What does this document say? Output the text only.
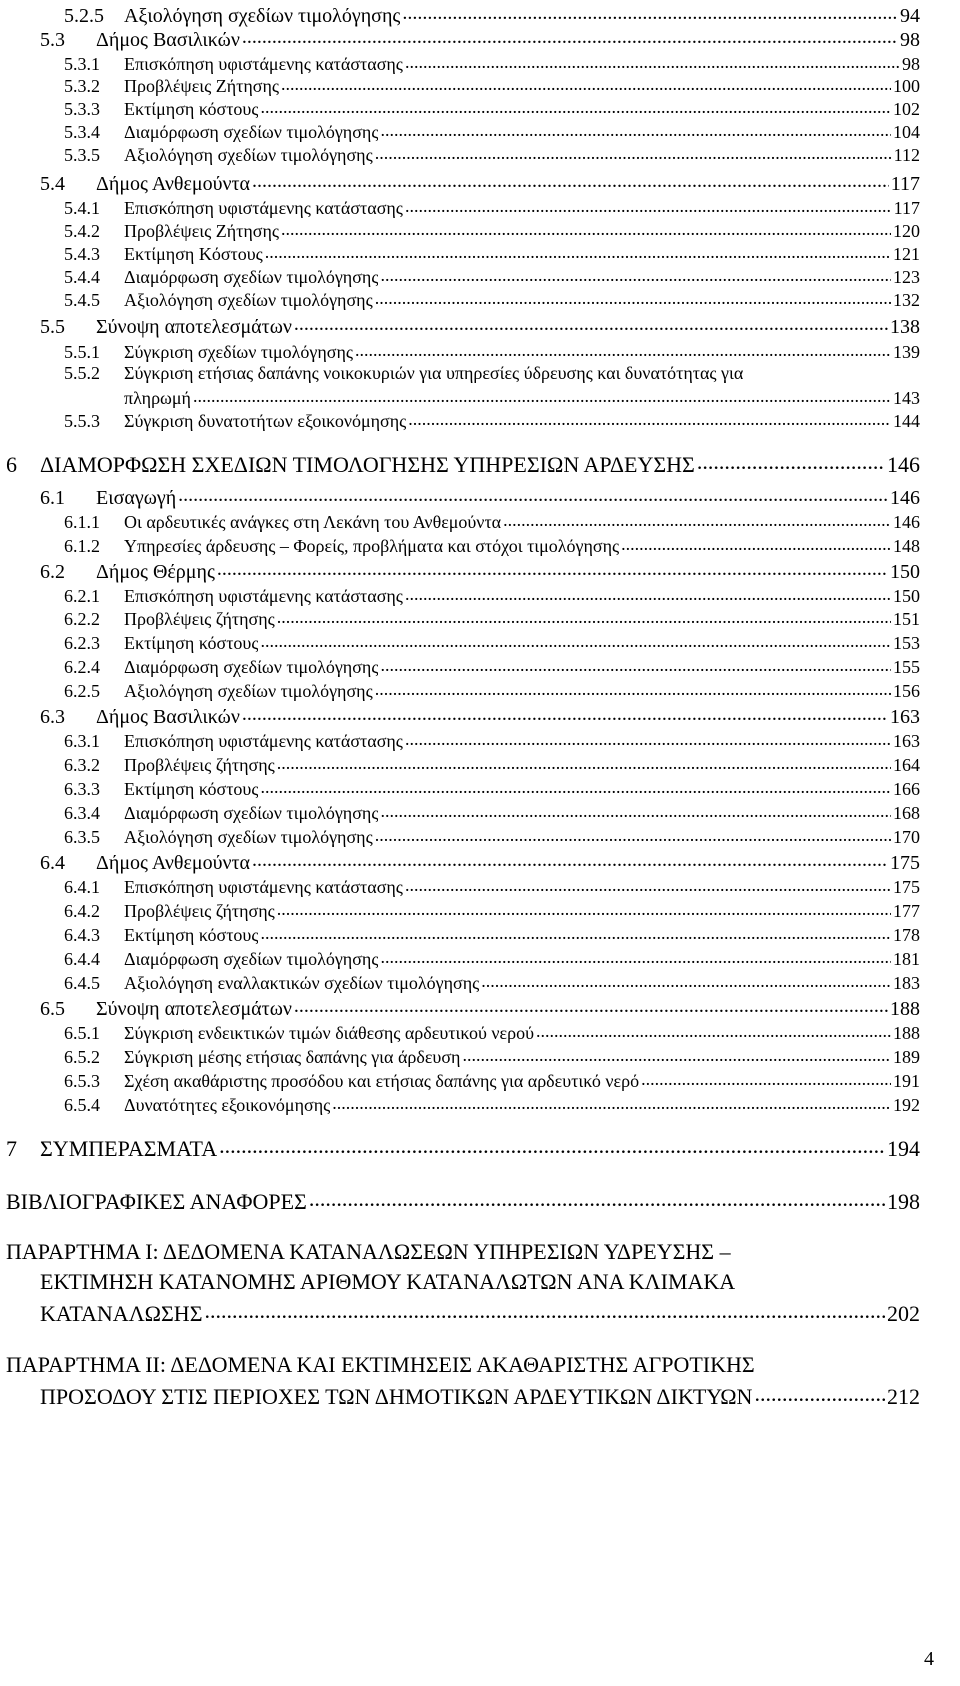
5.2.5	Αξιολόγηση σχεδίων τιμολόγησης .....	94
5.3	Δήμος Βασιλικών .....	98
5.3.1	Επισκόπηση υφιστάμενης κατάστασης .....	98
5.3.2	Προβλέψεις Ζήτησης .....	100
5.3.3	Εκτίμηση κόστους .....	102
5.3.4	Διαμόρφωση σχεδίων τιμολόγησης .....	104
5.3.5	Αξιολόγηση σχεδίων τιμολόγησης .....	112
5.4	Δήμος Ανθεμούντα .....	117
5.4.1	Επισκόπηση υφιστάμενης κατάστασης .....	117
5.4.2	Προβλέψεις Ζήτησης .....	120
5.4.3	Εκτίμηση Κόστους .....	121
5.4.4	Διαμόρφωση σχεδίων τιμολόγησης .....	123
5.4.5	Αξιολόγηση σχεδίων τιμολόγησης .....	132
5.5	Σύνοψη αποτελεσμάτων .....	138
5.5.1	Σύγκριση σχεδίων τιμολόγησης .....	139
5.5.2 Σύγκριση ετήσιας δαπάνης νοικοκυριών για υπηρεσίες ύδρευσης και δυνατότητας για
πληρωμή .....	143
5.5.3	Σύγκριση δυνατοτήτων εξοικονόμησης .....	144
6	ΔΙΑΜΟΡΦΩΣΗ ΣΧΕΔΙΩΝ ΤΙΜΟΛΟΓΗΣΗΣ ΥΠΗΡΕΣΙΩΝ ΑΡΔΕΥΣΗΣ .....	146
6.1	Εισαγωγή .....	146
6.1.1	Οι αρδευτικές ανάγκες στη Λεκάνη του Ανθεμούντα .....	146
6.1.2	Υπηρεσίες άρδευσης – Φορείς, προβλήματα και στόχοι τιμολόγησης .....	148
6.2	Δήμος Θέρμης .....	150
6.2.1	Επισκόπηση υφιστάμενης κατάστασης .....	150
6.2.2	Προβλέψεις ζήτησης .....	151
6.2.3	Εκτίμηση κόστους .....	153
6.2.4	Διαμόρφωση σχεδίων τιμολόγησης .....	155
6.2.5	Αξιολόγηση σχεδίων τιμολόγησης .....	156
6.3	Δήμος Βασιλικών .....	163
6.3.1	Επισκόπηση υφιστάμενης κατάστασης .....	163
6.3.2	Προβλέψεις ζήτησης .....	164
6.3.3	Εκτίμηση κόστους .....	166
6.3.4	Διαμόρφωση σχεδίων τιμολόγησης .....	168
6.3.5	Αξιολόγηση σχεδίων τιμολόγησης .....	170
6.4	Δήμος Ανθεμούντα .....	175
6.4.1	Επισκόπηση υφιστάμενης κατάστασης .....	175
6.4.2	Προβλέψεις ζήτησης .....	177
6.4.3	Εκτίμηση κόστους .....	178
6.4.4	Διαμόρφωση σχεδίων τιμολόγησης .....	181
6.4.5	Αξιολόγηση εναλλακτικών σχεδίων τιμολόγησης .....	183
6.5	Σύνοψη αποτελεσμάτων .....	188
6.5.1	Σύγκριση ενδεικτικών τιμών διάθεσης αρδευτικού νερού .....	188
6.5.2	Σύγκριση μέσης ετήσιας δαπάνης για άρδευση .....	189
6.5.3	Σχέση ακαθάριστης προσόδου και ετήσιας δαπάνης για αρδευτικό νερό .....	191
6.5.4	Δυνατότητες εξοικονόμησης .....	192
7	ΣΥΜΠΕΡΑΣΜΑΤΑ .....	194
ΒΙΒΛΙΟΓΡΑΦΙΚΕΣ ΑΝΑΦΟΡΕΣ .....	198
ΠΑΡΑΡΤΗΜΑ Ι: ΔΕΔΟΜΕΝΑ ΚΑΤΑΝΑΛΩΣΕΩΝ ΥΠΗΡΕΣΙΩΝ ΥΔΡΕΥΣΗΣ –
ΕΚΤΙΜΗΣΗ ΚΑΤΑΝΟΜΗΣ ΑΡΙΘΜΟΥ ΚΑΤΑΝΑΛΩΤΩΝ ΑΝΑ ΚΛΙΜΑΚΑ
ΚΑΤΑΝΑΛΩΣΗΣ .....	202
ΠΑΡΑΡΤΗΜΑ ΙΙ: ΔΕΔΟΜΕΝΑ ΚΑΙ ΕΚΤΙΜΗΣΕΙΣ ΑΚΑΘΑΡΙΣΤΗΣ ΑΓΡΟΤΙΚΗΣ
ΠΡΟΣΟΔΟΥ ΣΤΙΣ ΠΕΡΙΟΧΕΣ ΤΩΝ ΔΗΜΟΤΙΚΩΝ ΑΡΔΕΥΤΙΚΩΝ ΔΙΚΤΥΩΝ .....	212
4
